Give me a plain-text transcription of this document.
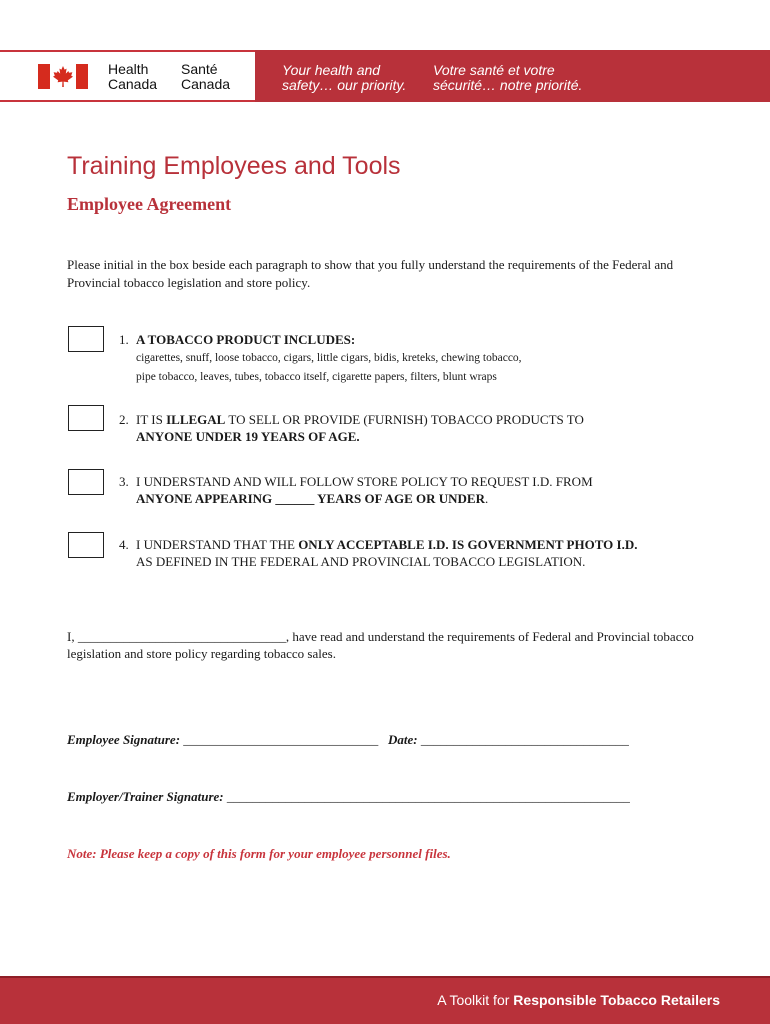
Health
Canada
Santé
Canada
Your health and
safety… our priority.
Votre santé et votre
sécurité… notre priorité.
Training Employees and Tools
Employee Agreement

Please initial in the box beside each paragraph to show that you fully understand the requirements of the Federal and Provincial tobacco legislation and store policy.

1. A TOBACCO PRODUCT INCLUDES:
cigarettes, snuff, loose tobacco, cigars, little cigars, bidis, kreteks, chewing tobacco,
pipe tobacco, leaves, tubes, tobacco itself, cigarette papers, filters, blunt wraps
2. IT IS ILLEGAL TO SELL OR PROVIDE (FURNISH) TOBACCO PRODUCTS TO
ANYONE UNDER 19 YEARS OF AGE.
3. I UNDERSTAND AND WILL FOLLOW STORE POLICY TO REQUEST I.D. FROM
ANYONE APPEARING ______ YEARS OF AGE OR UNDER.
4. I UNDERSTAND THAT THE ONLY ACCEPTABLE I.D. IS GOVERNMENT PHOTO I.D.
AS DEFINED IN THE FEDERAL AND PROVINCIAL TOBACCO LEGISLATION.

I, ________________________________, have read and understand the requirements of Federal and Provincial tobacco legislation and store policy regarding tobacco sales.

Employee Signature: ______________________________ Date: ________________________________
Employer/Trainer Signature: ______________________________________________________________

Note: Please keep a copy of this form for your employee personnel files.

A Toolkit for Responsible Tobacco Retailers
